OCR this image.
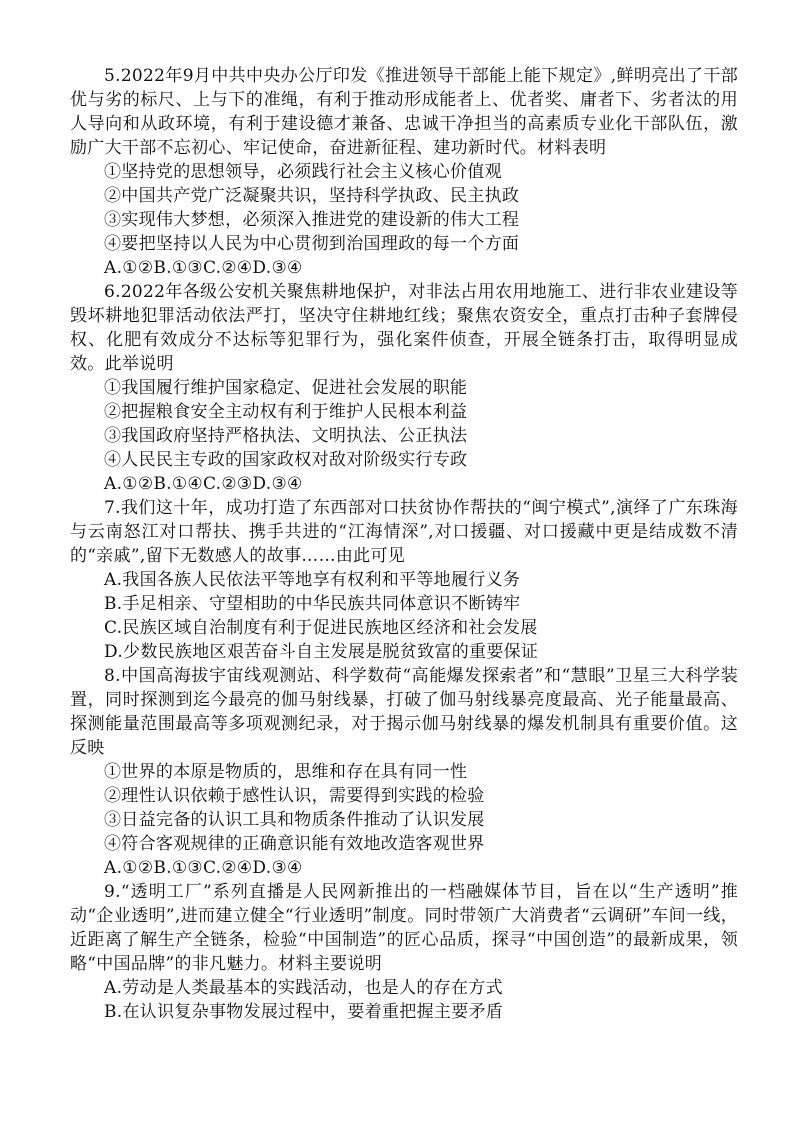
5.2022年9月中共中央办公厅印发《推进领导干部能上能下规定》,鲜明亮出了干部优与劣的标尺、上与下的准绳，有利于推动形成能者上、优者奖、庸者下、劣者汰的用人导向和从政环境，有利于建设德才兼备、忠诚干净担当的高素质专业化干部队伍，激励广大干部不忘初心、牢记使命，奋进新征程、建功新时代。材料表明

①坚持党的思想领导，必须践行社会主义核心价值观

②中国共产党广泛凝聚共识，坚持科学执政、民主执政

③实现伟大梦想，必须深入推进党的建设新的伟大工程

④要把坚持以人民为中心贯彻到治国理政的每一个方面

A.①②B.①③C.②④D.③④

6.2022年各级公安机关聚焦耕地保护，对非法占用农用地施工、进行非农业建设等毁坏耕地犯罪活动依法严打，坚决守住耕地红线；聚焦农资安全，重点打击种子套牌侵权、化肥有效成分不达标等犯罪行为，强化案件侦查，开展全链条打击，取得明显成效。此举说明

①我国履行维护国家稳定、促进社会发展的职能

②把握粮食安全主动权有利于维护人民根本利益

③我国政府坚持严格执法、文明执法、公正执法

④人民民主专政的国家政权对敌对阶级实行专政

A.①②B.①④C.②③D.③④

7.我们这十年，成功打造了东西部对口扶贫协作帮扶的“闽宁模式”,演绎了广东珠海与云南怒江对口帮扶、携手共进的“江海情深”,对口援疆、对口援藏中更是结成数不清的“亲戚”,留下无数感人的故事……由此可见

A.我国各族人民依法平等地享有权利和平等地履行义务

B.手足相亲、守望相助的中华民族共同体意识不断铸牢

C.民族区域自治制度有利于促进民族地区经济和社会发展

D.少数民族地区艰苦奋斗自主发展是脱贫致富的重要保证

8.中国高海拔宇宙线观测站、科学数荷“高能爆发探索者”和“慧眼”卫星三大科学装置，同时探测到迄今最亮的伽马射线暴，打破了伽马射线暴亮度最高、光子能量最高、探测能量范围最高等多项观测纪录，对于揭示伽马射线暴的爆发机制具有重要价值。这反映

①世界的本原是物质的，思维和存在具有同一性

②理性认识依赖于感性认识，需要得到实践的检验

③日益完备的认识工具和物质条件推动了认识发展

④符合客观规律的正确意识能有效地改造客观世界

A.①②B.①③C.②④D.③④

9.“透明工厂”系列直播是人民网新推出的一档融媒体节目，旨在以“生产透明”推动“企业透明”,进而建立健全“行业透明”制度。同时带领广大消费者“云调研”车间一线，近距离了解生产全链条，检验“中国制造”的匠心品质，探寻“中国创造”的最新成果，领略“中国品牌”的非凡魅力。材料主要说明

A.劳动是人类最基本的实践活动，也是人的存在方式

B.在认识复杂事物发展过程中，要着重把握主要矛盾
